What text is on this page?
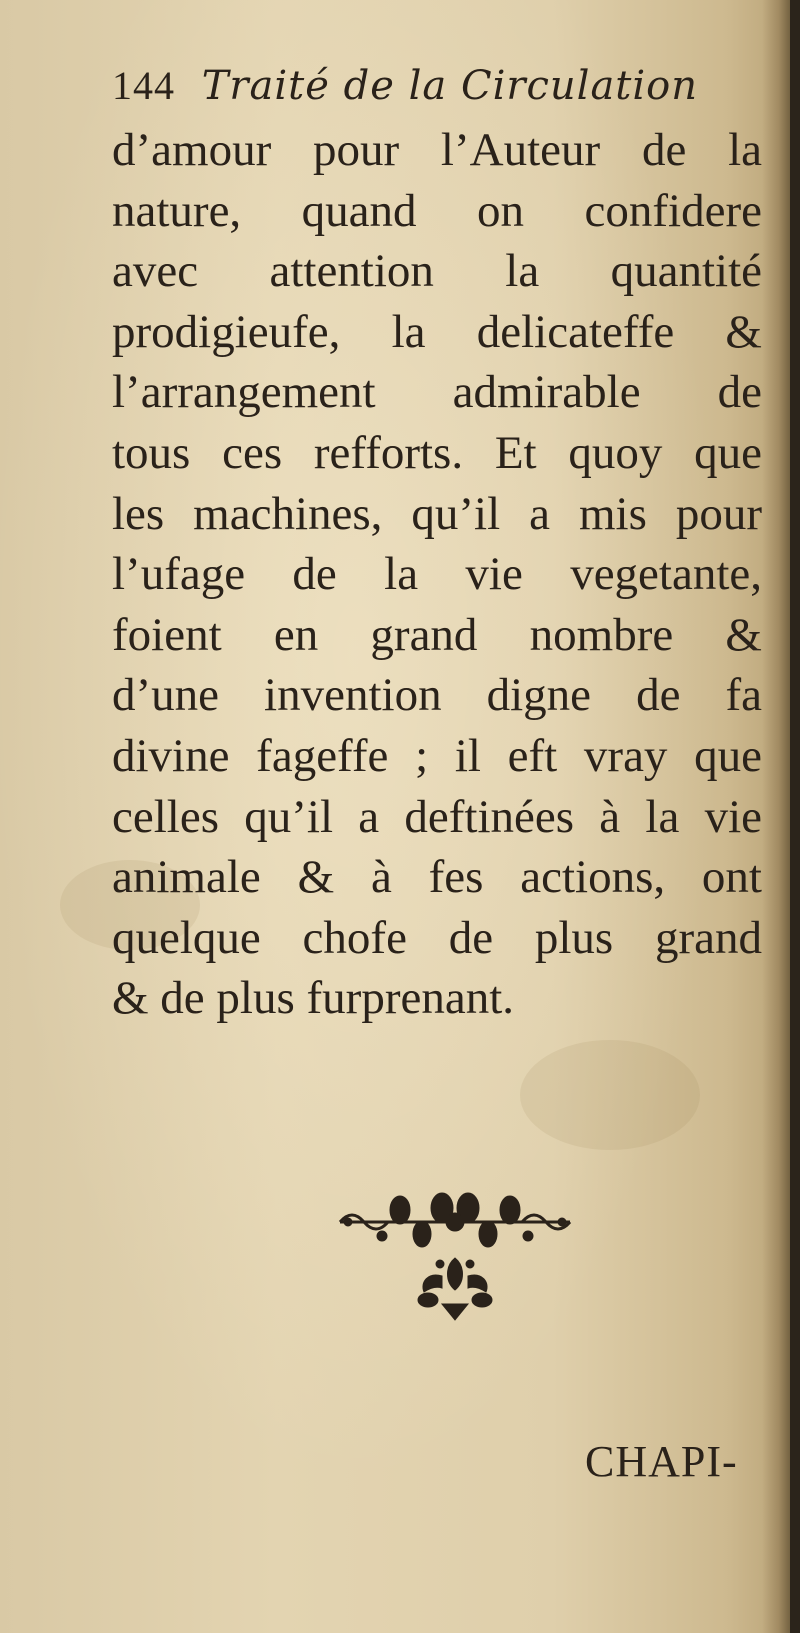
144 Traité de la Circulation
d’amour pour l’Auteur de la
nature, quand on confidere
avec attention la quantité
prodigieufe, la delicateffe &
l’arrangement admirable de
tous ces refforts. Et quoy que
les machines, qu’il a mis pour
l’ufage de la vie vegetante,
foient en grand nombre &
d’une invention digne de fa
divine fageffe ; il eft vray que
celles qu’il a deftinées à la vie
animale & à fes actions, ont
quelque chofe de plus grand
& de plus furprenant.
CHAPI-
